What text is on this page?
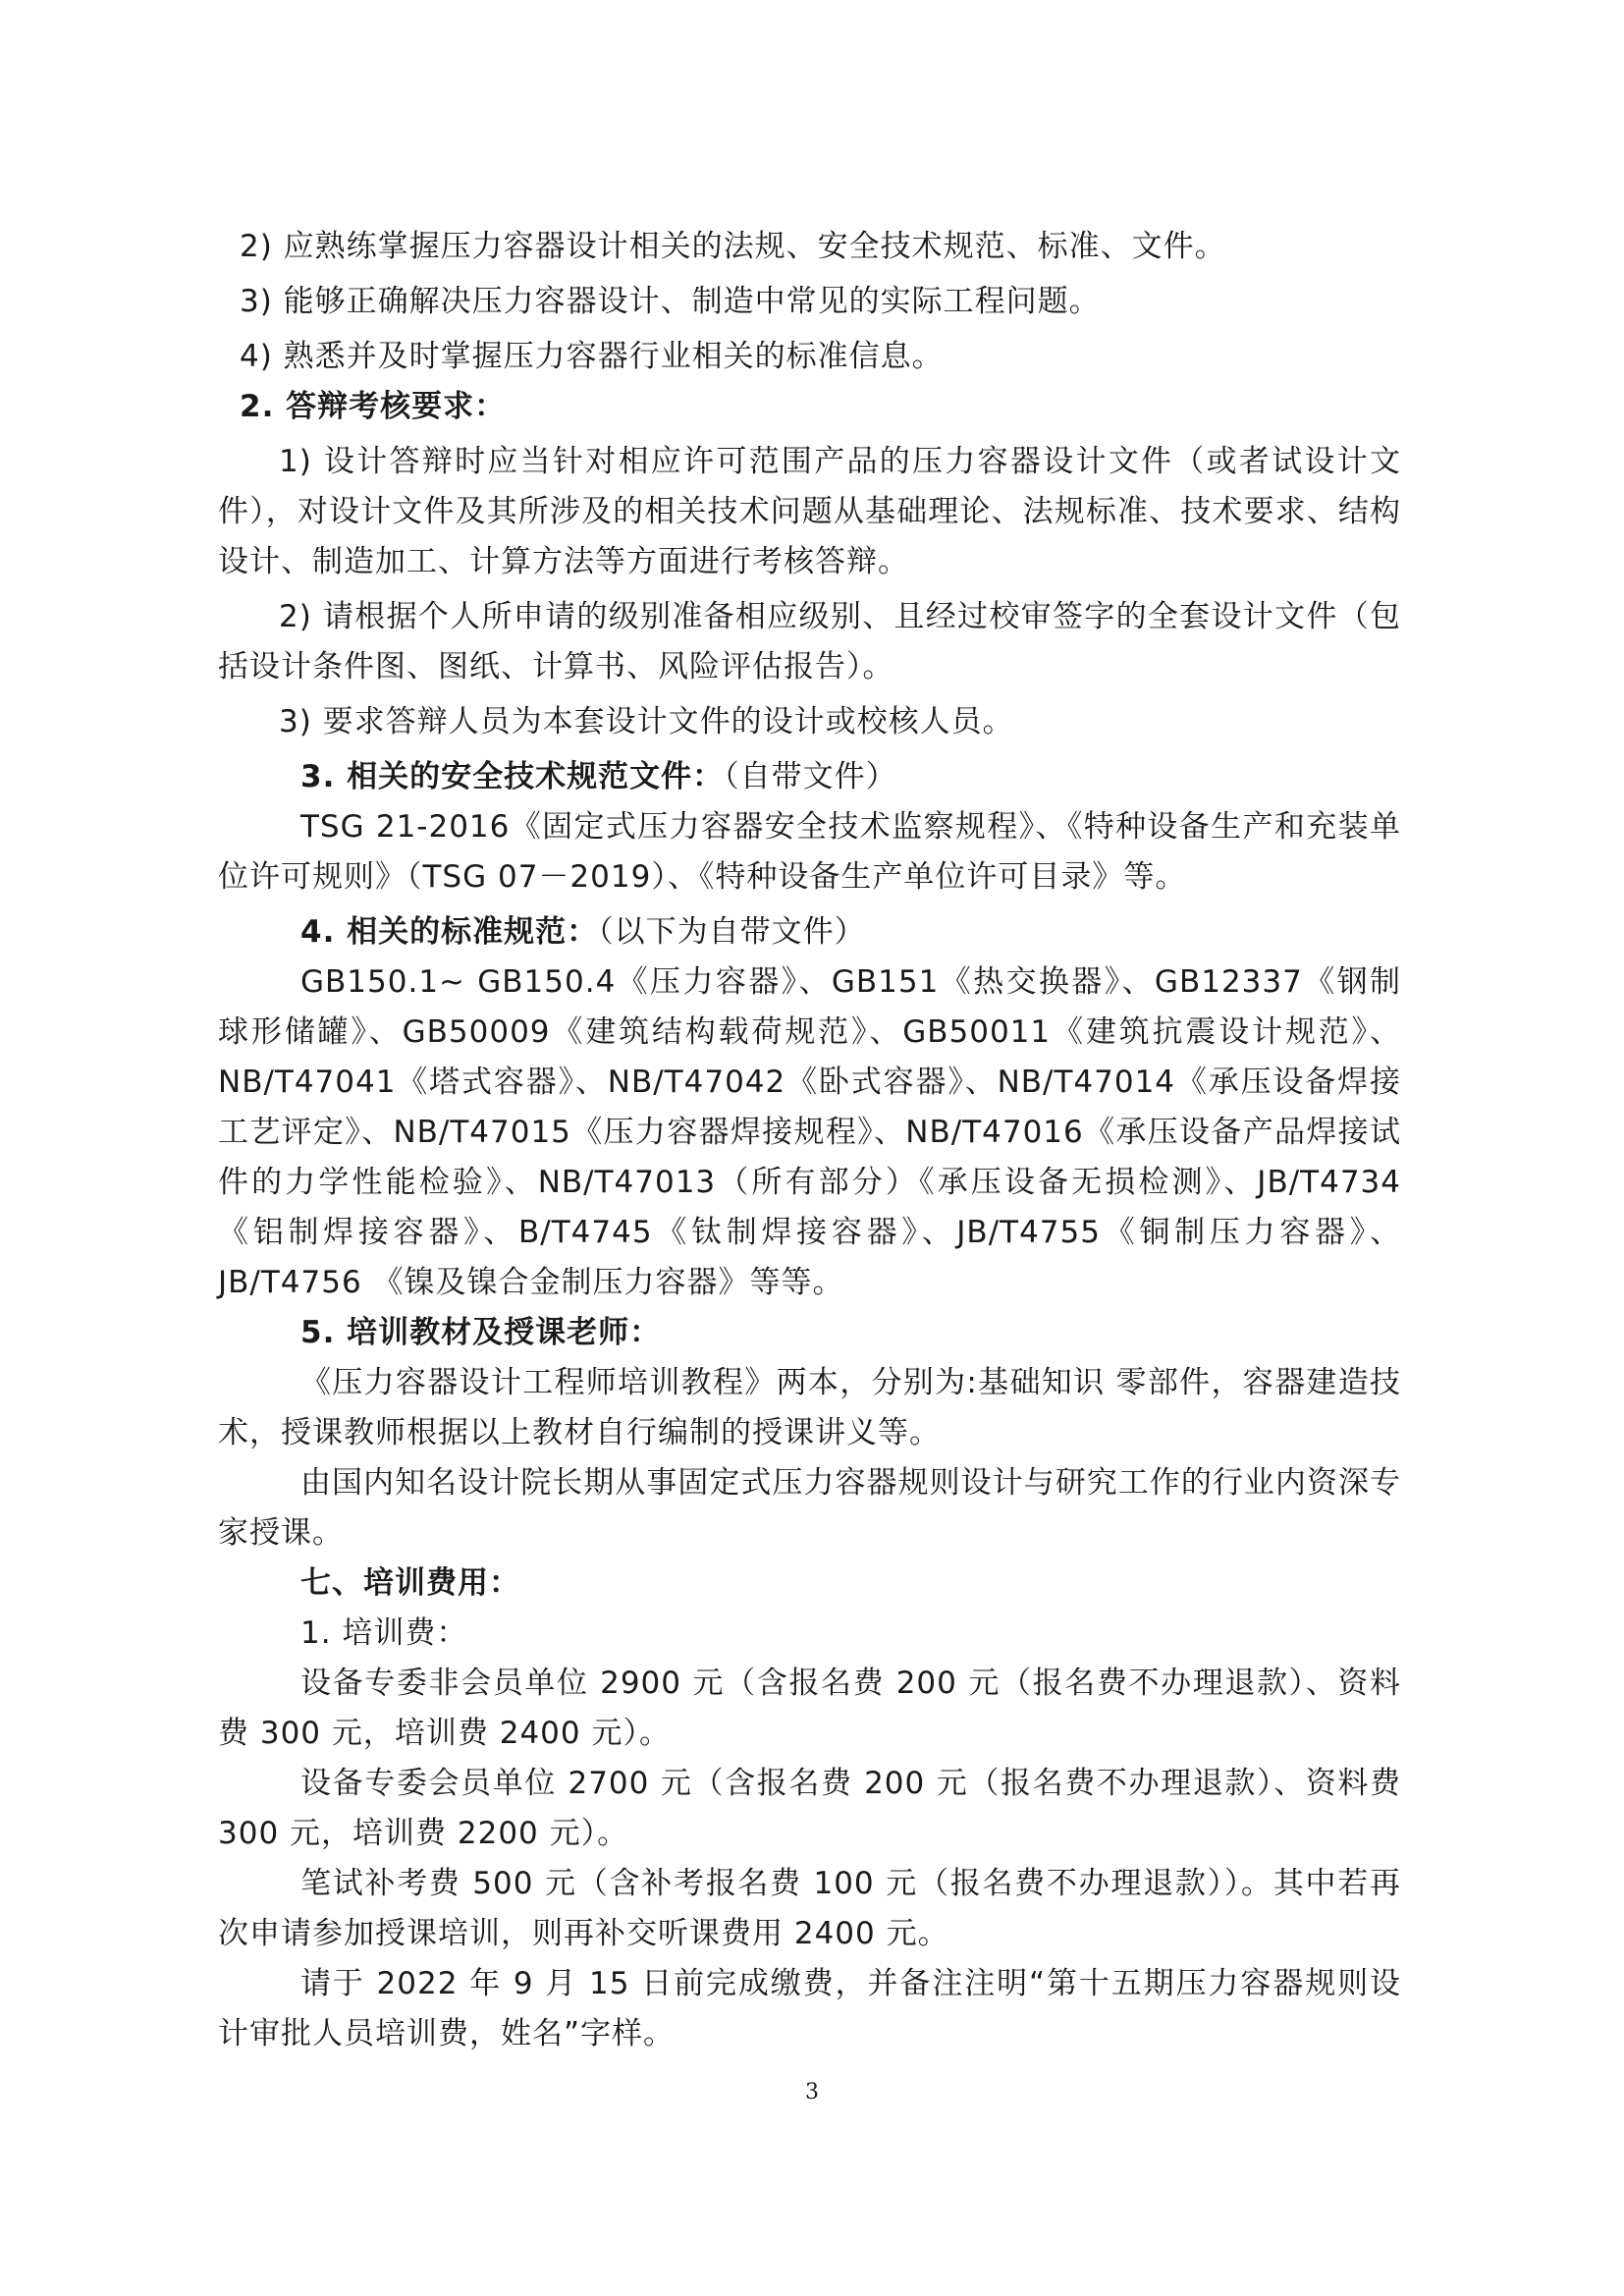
2) 应熟练掌握压力容器设计相关的法规、安全技术规范、标准、文件。

3) 能够正确解决压力容器设计、制造中常见的实际工程问题。

4) 熟悉并及时掌握压力容器行业相关的标准信息。

2. 答辩考核要求：

1) 设计答辩时应当针对相应许可范围产品的压力容器设计文件（或者试设计文件），对设计文件及其所涉及的相关技术问题从基础理论、法规标准、技术要求、结构设计、制造加工、计算方法等方面进行考核答辩。

2) 请根据个人所申请的级别准备相应级别、且经过校审签字的全套设计文件（包括设计条件图、图纸、计算书、风险评估报告）。

3) 要求答辩人员为本套设计文件的设计或校核人员。

3. 相关的安全技术规范文件：（自带文件）

TSG 21-2016《固定式压力容器安全技术监察规程》、《特种设备生产和充装单位许可规则》（TSG 07－2019）、《特种设备生产单位许可目录》等。

4. 相关的标准规范：（以下为自带文件）

GB150.1~ GB150.4《压力容器》、GB151《热交换器》、GB12337《钢制球形储罐》、GB50009《建筑结构载荷规范》、GB50011《建筑抗震设计规范》、NB/T47041《塔式容器》、NB/T47042《卧式容器》、NB/T47014《承压设备焊接工艺评定》、NB/T47015《压力容器焊接规程》、NB/T47016《承压设备产品焊接试件的力学性能检验》、NB/T47013（所有部分）《承压设备无损检测》、JB/T4734《铝制焊接容器》、B/T4745《钛制焊接容器》、JB/T4755《铜制压力容器》、JB/T4756 《镍及镍合金制压力容器》等等。

5. 培训教材及授课老师：

《压力容器设计工程师培训教程》两本，分别为:基础知识 零部件，容器建造技术，授课教师根据以上教材自行编制的授课讲义等。

由国内知名设计院长期从事固定式压力容器规则设计与研究工作的行业内资深专家授课。

七、培训费用：

1. 培训费：

设备专委非会员单位 2900 元（含报名费 200 元（报名费不办理退款）、资料费 300 元，培训费 2400 元）。

设备专委会员单位 2700 元（含报名费 200 元（报名费不办理退款）、资料费 300 元，培训费 2200 元）。

笔试补考费 500 元（含补考报名费 100 元（报名费不办理退款））。其中若再次申请参加授课培训，则再补交听课费用 2400 元。

请于 2022 年 9 月 15 日前完成缴费，并备注注明“第十五期压力容器规则设计审批人员培训费，姓名”字样。

3
